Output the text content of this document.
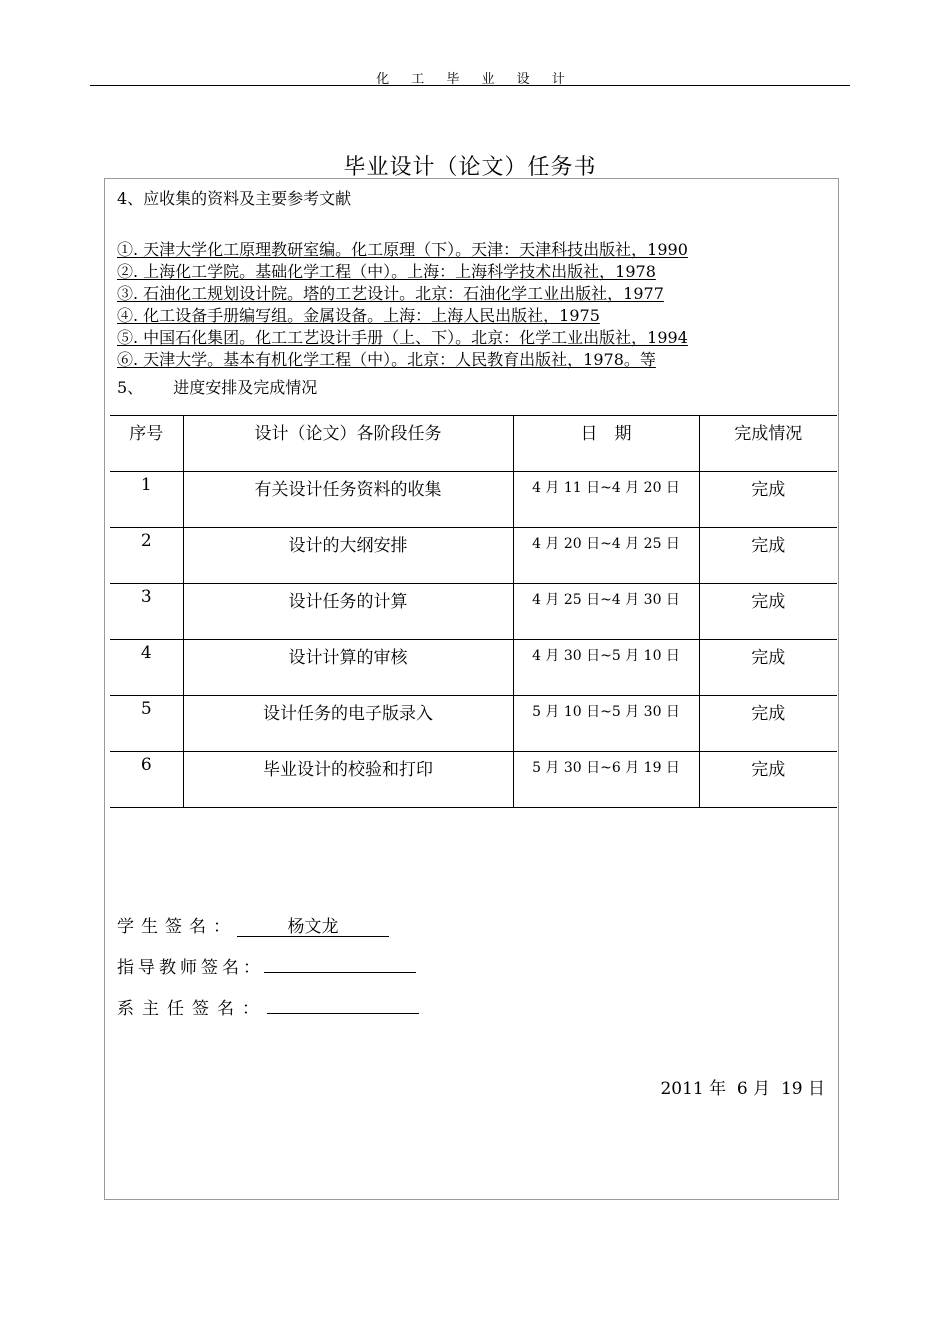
化 工 毕 业 设 计
毕业设计（论文）任务书
4、应收集的资料及主要参考文献
①. 天津大学化工原理教研室编。化工原理（下）。天津：天津科技出版社，1990
②. 上海化工学院。基础化学工程（中）。上海：上海科学技术出版社，1978
③. 石油化工规划设计院。塔的工艺设计。北京：石油化学工业出版社，1977
④. 化工设备手册编写组。金属设备。上海：上海人民出版社，1975
⑤. 中国石化集团。化工工艺设计手册（上、下）。北京：化学工业出版社，1994
⑥. 天津大学。基本有机化学工程（中）。北京：人民教育出版社，1978。等
5、 进度安排及完成情况
序号	设计（论文）各阶段任务	日　期	完成情况
1	有关设计任务资料的收集	4 月 11 日~4 月 20 日	完成
2	设计的大纲安排	4 月 20 日~4 月 25 日	完成
3	设计任务的计算	4 月 25 日~4 月 30 日	完成
4	设计计算的审核	4 月 30 日~5 月 10 日	完成
5	设计任务的电子版录入	5 月 10 日~5 月 30 日	完成
6	毕业设计的校验和打印	5 月 30 日~6 月 19 日	完成
学生签名：	杨文龙
指导教师签名：
系主任签名：
2011 年  6 月  19 日
